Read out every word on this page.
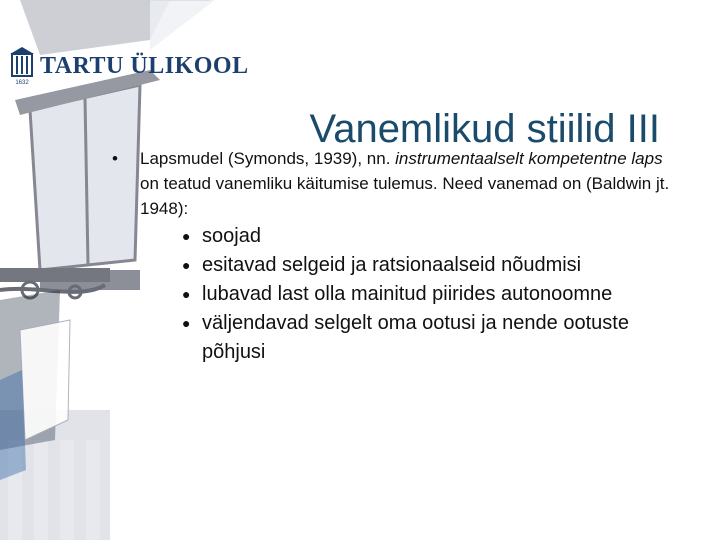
1632
TARTU ÜLIKOOL
Vanemlikud stiilid III
•	Lapsmudel (Symonds, 1939), nn. instrumentaalselt kompetentne laps on teatud vanemliku käitumise tulemus. Need vanemad on (Baldwin jt. 1948):
● soojad
● esitavad selgeid ja ratsionaalseid nõudmisi
● lubavad last olla mainitud piirides autonoomne
● väljendavad selgelt oma ootusi ja nende ootuste põhjusi
